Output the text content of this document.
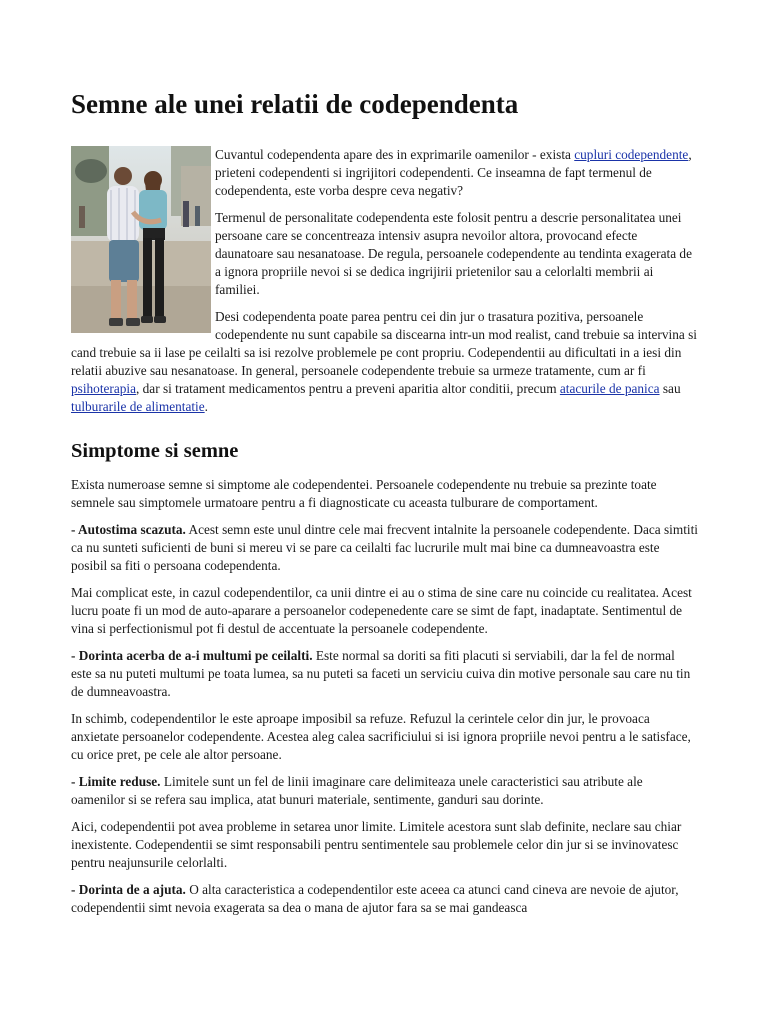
Semne ale unei relatii de codependenta

Cuvantul codependenta apare des in exprimarile oamenilor - exista cupluri codependente, prieteni codependenti si ingrijitori codependenti. Ce inseamna de fapt termenul de codependenta, este vorba despre ceva negativ?

Termenul de personalitate codependenta este folosit pentru a descrie personalitatea unei persoane care se concentreaza intensiv asupra nevoilor altora, provocand efecte daunatoare sau nesanatoase. De regula, persoanele codependente au tendinta exagerata de a ignora propriile nevoi si se dedica ingrijirii prietenilor sau a celorlalti membrii ai familiei.

Desi codependenta poate parea pentru cei din jur o trasatura pozitiva, persoanele codependente nu sunt capabile sa discearna intr-un mod realist, cand trebuie sa intervina si cand trebuie sa ii lase pe ceilalti sa isi rezolve problemele pe cont propriu. Codependentii au dificultati in a iesi din relatii abuzive sau nesanatoase. In general, persoanele codependente trebuie sa urmeze tratamente, cum ar fi psihoterapia, dar si tratament medicamentos pentru a preveni aparitia altor conditii, precum atacurile de panica sau tulburarile de alimentatie.

Simptome si semne

Exista numeroase semne si simptome ale codependentei. Persoanele codependente nu trebuie sa prezinte toate semnele sau simptomele urmatoare pentru a fi diagnosticate cu aceasta tulburare de comportament.

- Autostima scazuta. Acest semn este unul dintre cele mai frecvent intalnite la persoanele codependente. Daca simtiti ca nu sunteti suficienti de buni si mereu vi se pare ca ceilalti fac lucrurile mult mai bine ca dumneavoastra este posibil sa fiti o persoana codependenta.

Mai complicat este, in cazul codependentilor, ca unii dintre ei au o stima de sine care nu coincide cu realitatea. Acest lucru poate fi un mod de auto-aparare a persoanelor codepenedente care se simt de fapt, inadaptate. Sentimentul de vina si perfectionismul pot fi destul de accentuate la persoanele codependente.

- Dorinta acerba de a-i multumi pe ceilalti. Este normal sa doriti sa fiti placuti si serviabili, dar la fel de normal este sa nu puteti multumi pe toata lumea, sa nu puteti sa faceti un serviciu cuiva din motive personale sau care nu tin de dumneavoastra.

In schimb, codependentilor le este aproape imposibil sa refuze. Refuzul la cerintele celor din jur, le provoaca anxietate persoanelor codependente. Acestea aleg calea sacrificiului si isi ignora propriile nevoi pentru a le satisface, cu orice pret, pe cele ale altor persoane.

- Limite reduse. Limitele sunt un fel de linii imaginare care delimiteaza unele caracteristici sau atribute ale oamenilor si se refera sau implica, atat bunuri materiale, sentimente, ganduri sau dorinte.

Aici, codependentii pot avea probleme in setarea unor limite. Limitele acestora sunt slab definite, neclare sau chiar inexistente. Codependentii se simt responsabili pentru sentimentele sau problemele celor din jur si se invinovatesc pentru neajunsurile celorlalti.

- Dorinta de a ajuta. O alta caracteristica a codependentilor este aceea ca atunci cand cineva are nevoie de ajutor, codependentii simt nevoia exagerata sa dea o mana de ajutor fara sa se mai gandeasca
